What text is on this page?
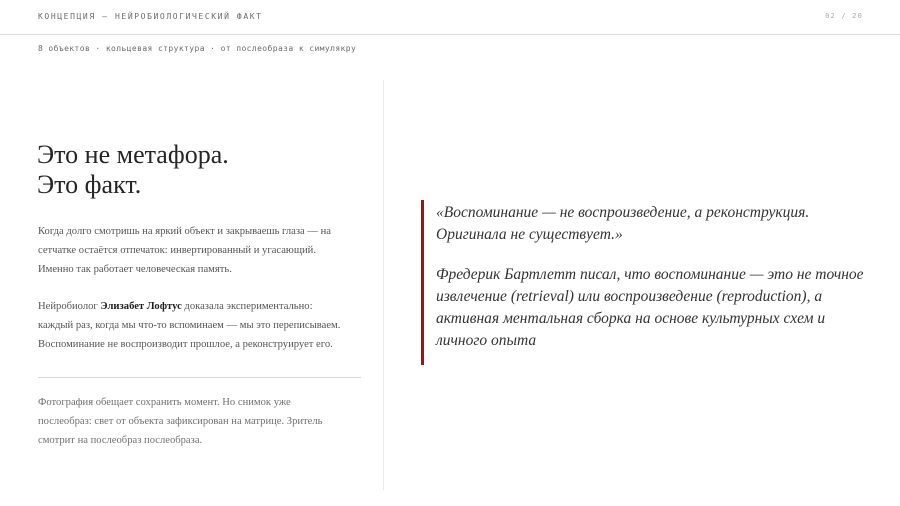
КОНЦЕПЦИЯ — НЕЙРОБИОЛОГИЧЕСКИЙ ФАКТ	02 / 20
8 объектов · кольцевая структура · от послеобраза к симулякру
Это не метафора.
Это факт.
Когда долго смотришь на яркий объект и закрываешь глаза — на
сетчатке остаётся отпечаток: инвертированный и угасающий.
Именно так работает человеческая память.
Нейробиолог Элизабет Лофтус доказала экспериментально:
каждый раз, когда мы что-то вспоминаем — мы это переписываем.
Воспоминание не воспроизводит прошлое, а реконструирует его.
Фотография обещает сохранить момент. Но снимок уже
послеобраз: свет от объекта зафиксирован на матрице. Зритель
смотрит на послеобраз послеобраза.
«Воспоминание — не воспроизведение, а реконструкция.
Оригинала не существует.»
Фредерик Бартлетт писал, что воспоминание — это не точное
извлечение (retrieval) или воспроизведение (reproduction), а
активная ментальная сборка на основе культурных схем и
личного опыта
